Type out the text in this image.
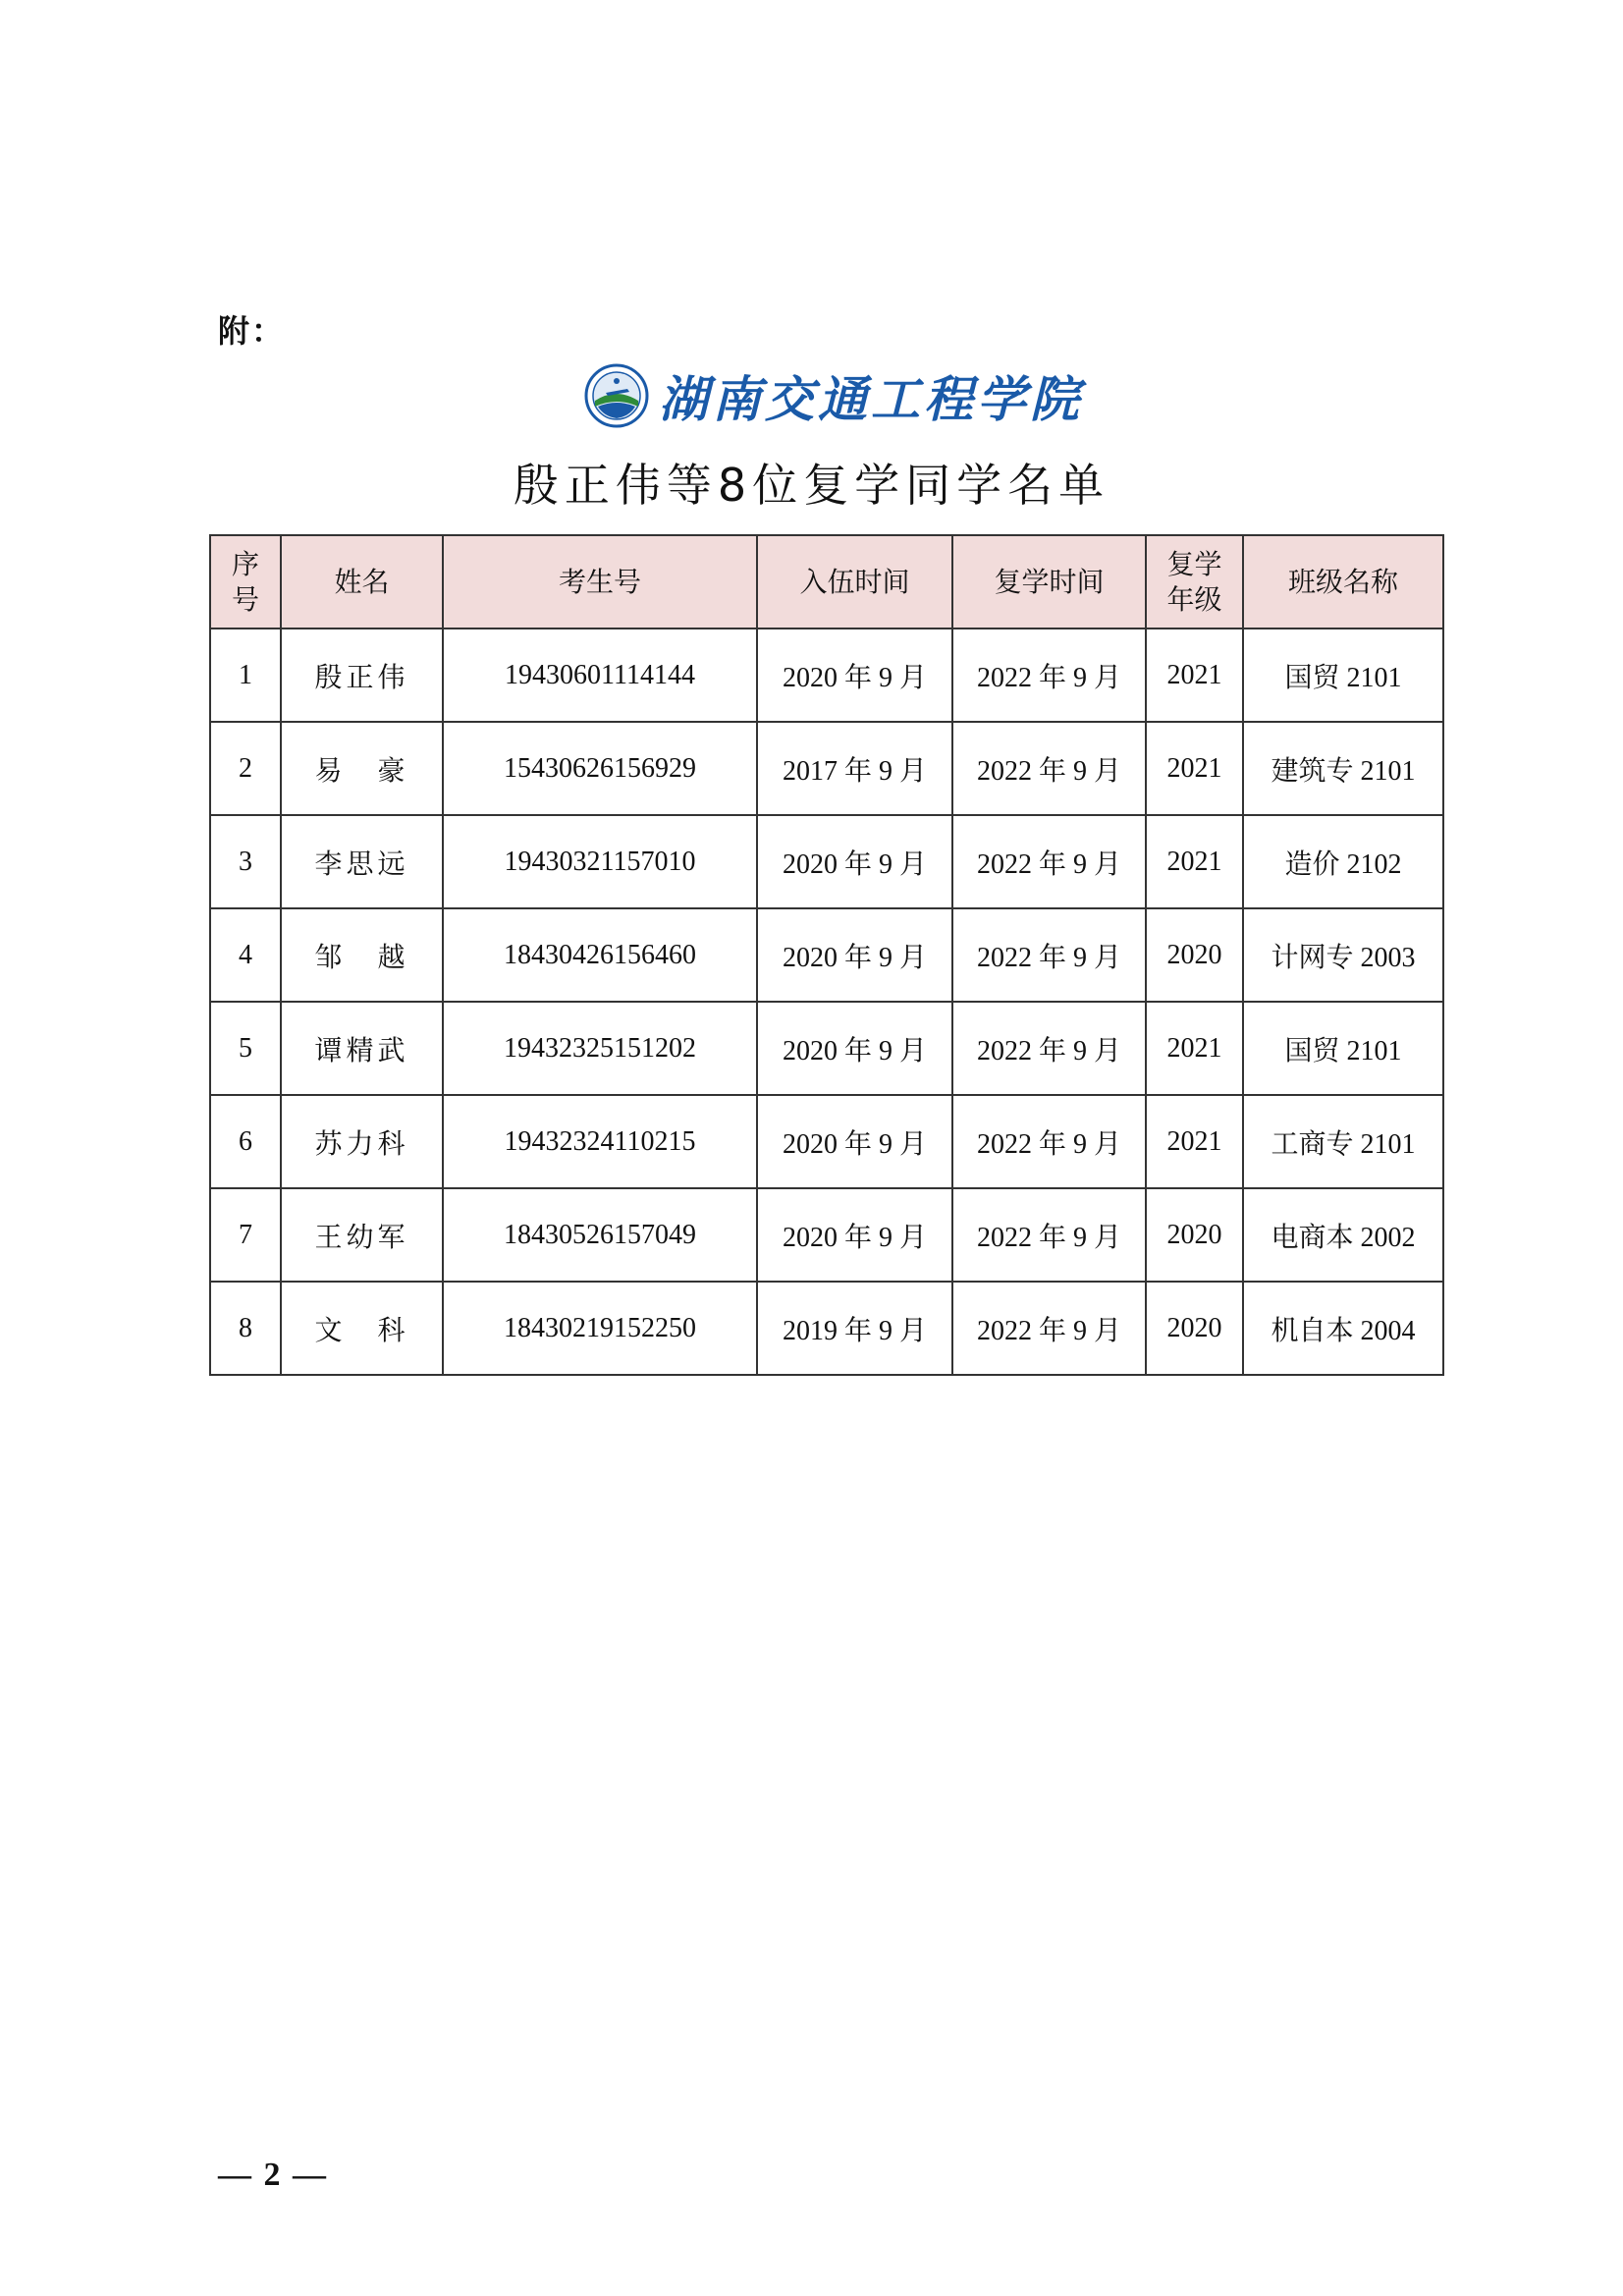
附：
湖南交通工程学院
殷正伟等8位复学同学名单
序号	姓名	考生号	入伍时间	复学时间	复学年级	班级名称
1	殷正伟	19430601114144	2020 年 9 月	2022 年 9 月	2021	国贸 2101
2	易　豪	15430626156929	2017 年 9 月	2022 年 9 月	2021	建筑专 2101
3	李思远	19430321157010	2020 年 9 月	2022 年 9 月	2021	造价 2102
4	邹　越	18430426156460	2020 年 9 月	2022 年 9 月	2020	计网专 2003
5	谭精武	19432325151202	2020 年 9 月	2022 年 9 月	2021	国贸 2101
6	苏力科	19432324110215	2020 年 9 月	2022 年 9 月	2021	工商专 2101
7	王幼军	18430526157049	2020 年 9 月	2022 年 9 月	2020	电商本 2002
8	文　科	18430219152250	2019 年 9 月	2022 年 9 月	2020	机自本 2004
— 2 —
